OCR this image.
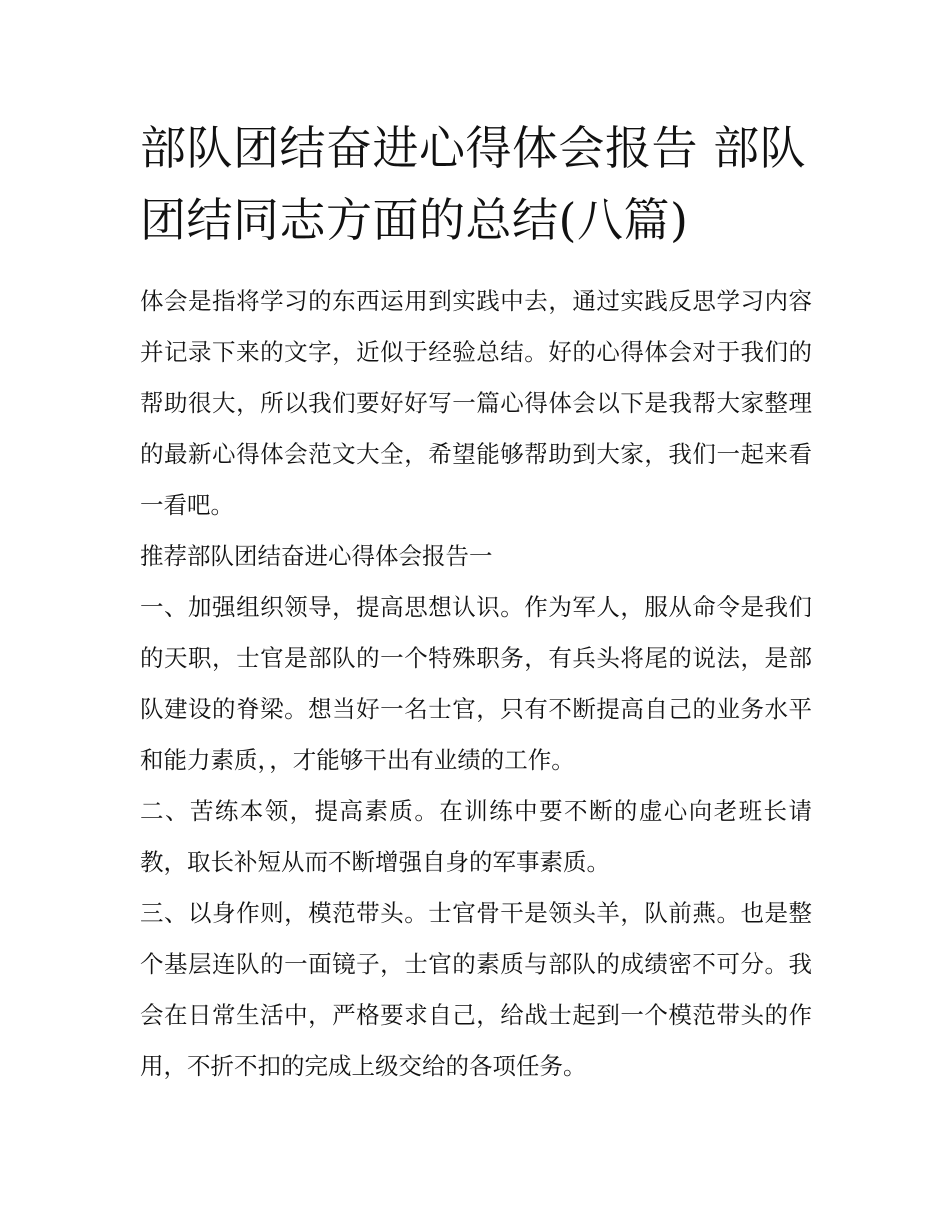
部队团结奋进心得体会报告 部队团结同志方面的总结(八篇)

体会是指将学习的东西运用到实践中去，通过实践反思学习内容并记录下来的文字，近似于经验总结。好的心得体会对于我们的帮助很大，所以我们要好好写一篇心得体会以下是我帮大家整理的最新心得体会范文大全，希望能够帮助到大家，我们一起来看一看吧。

推荐部队团结奋进心得体会报告一

一、加强组织领导，提高思想认识。作为军人，服从命令是我们的天职，士官是部队的一个特殊职务，有兵头将尾的说法，是部队建设的脊梁。想当好一名士官，只有不断提高自己的业务水平和能力素质，，才能够干出有业绩的工作。

二、苦练本领，提高素质。在训练中要不断的虚心向老班长请教，取长补短从而不断增强自身的军事素质。

三、以身作则，模范带头。士官骨干是领头羊，队前燕。也是整个基层连队的一面镜子，士官的素质与部队的成绩密不可分。我会在日常生活中，严格要求自己，给战士起到一个模范带头的作用，不折不扣的完成上级交给的各项任务。
